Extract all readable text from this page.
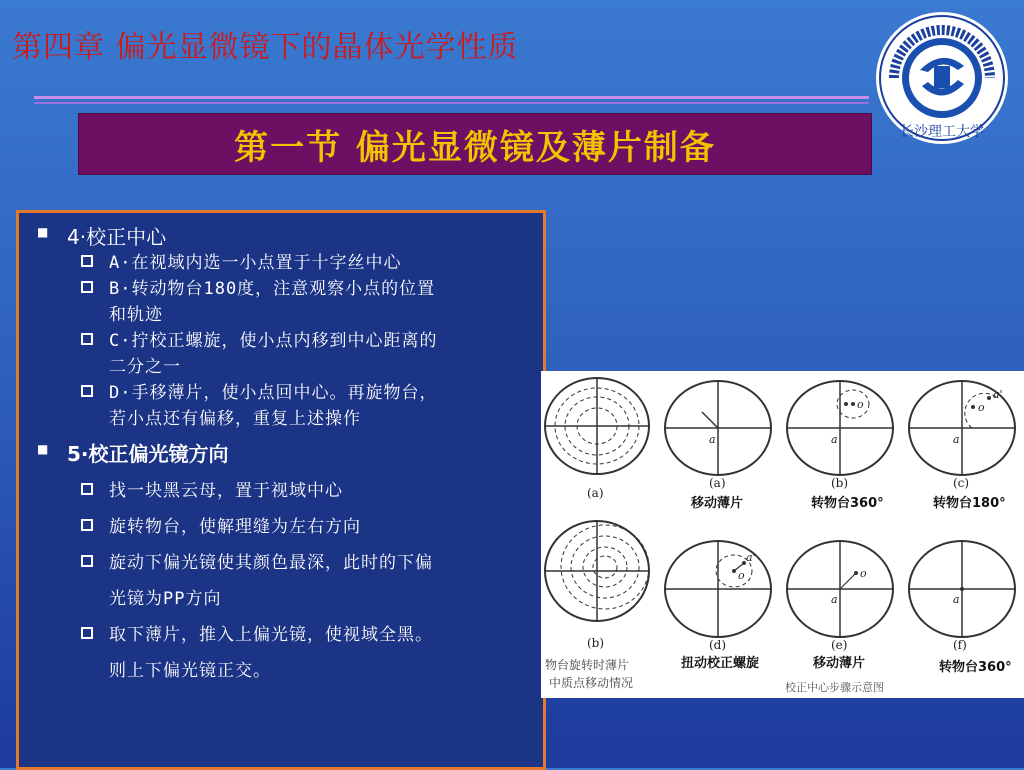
第四章 偏光显微镜下的晶体光学性质
第一节 偏光显微镜及薄片制备	长沙理工大学
■ 4·校正中心
A·在视域内选一小点置于十字丝中心
B·转动物台180度，注意观察小点的位置
和轨迹
C·拧校正螺旋，使小点内移到中心距离的
二分之一
D·手移薄片，使小点回中心。再旋物台，
若小点还有偏移，重复上述操作
■ 5·校正偏光镜方向
找一块黑云母，置于视域中心
旋转物台，使解理缝为左右方向
旋动下偏光镜使其颜色最深，此时的下偏
光镜为PP方向
取下薄片，推入上偏光镜，使视域全黑。
则上下偏光镜正交。
(a)
(b)
物台旋转时薄片
中质点移动情况
a
(a)
移动薄片
o
a
(b)
转物台360°
o
a'
a
(c)
转物台180°
a'
o
(d)
扭动校正螺旋
o
a
(e)
移动薄片
a
(f)
转物台360°
校正中心步骤示意图
